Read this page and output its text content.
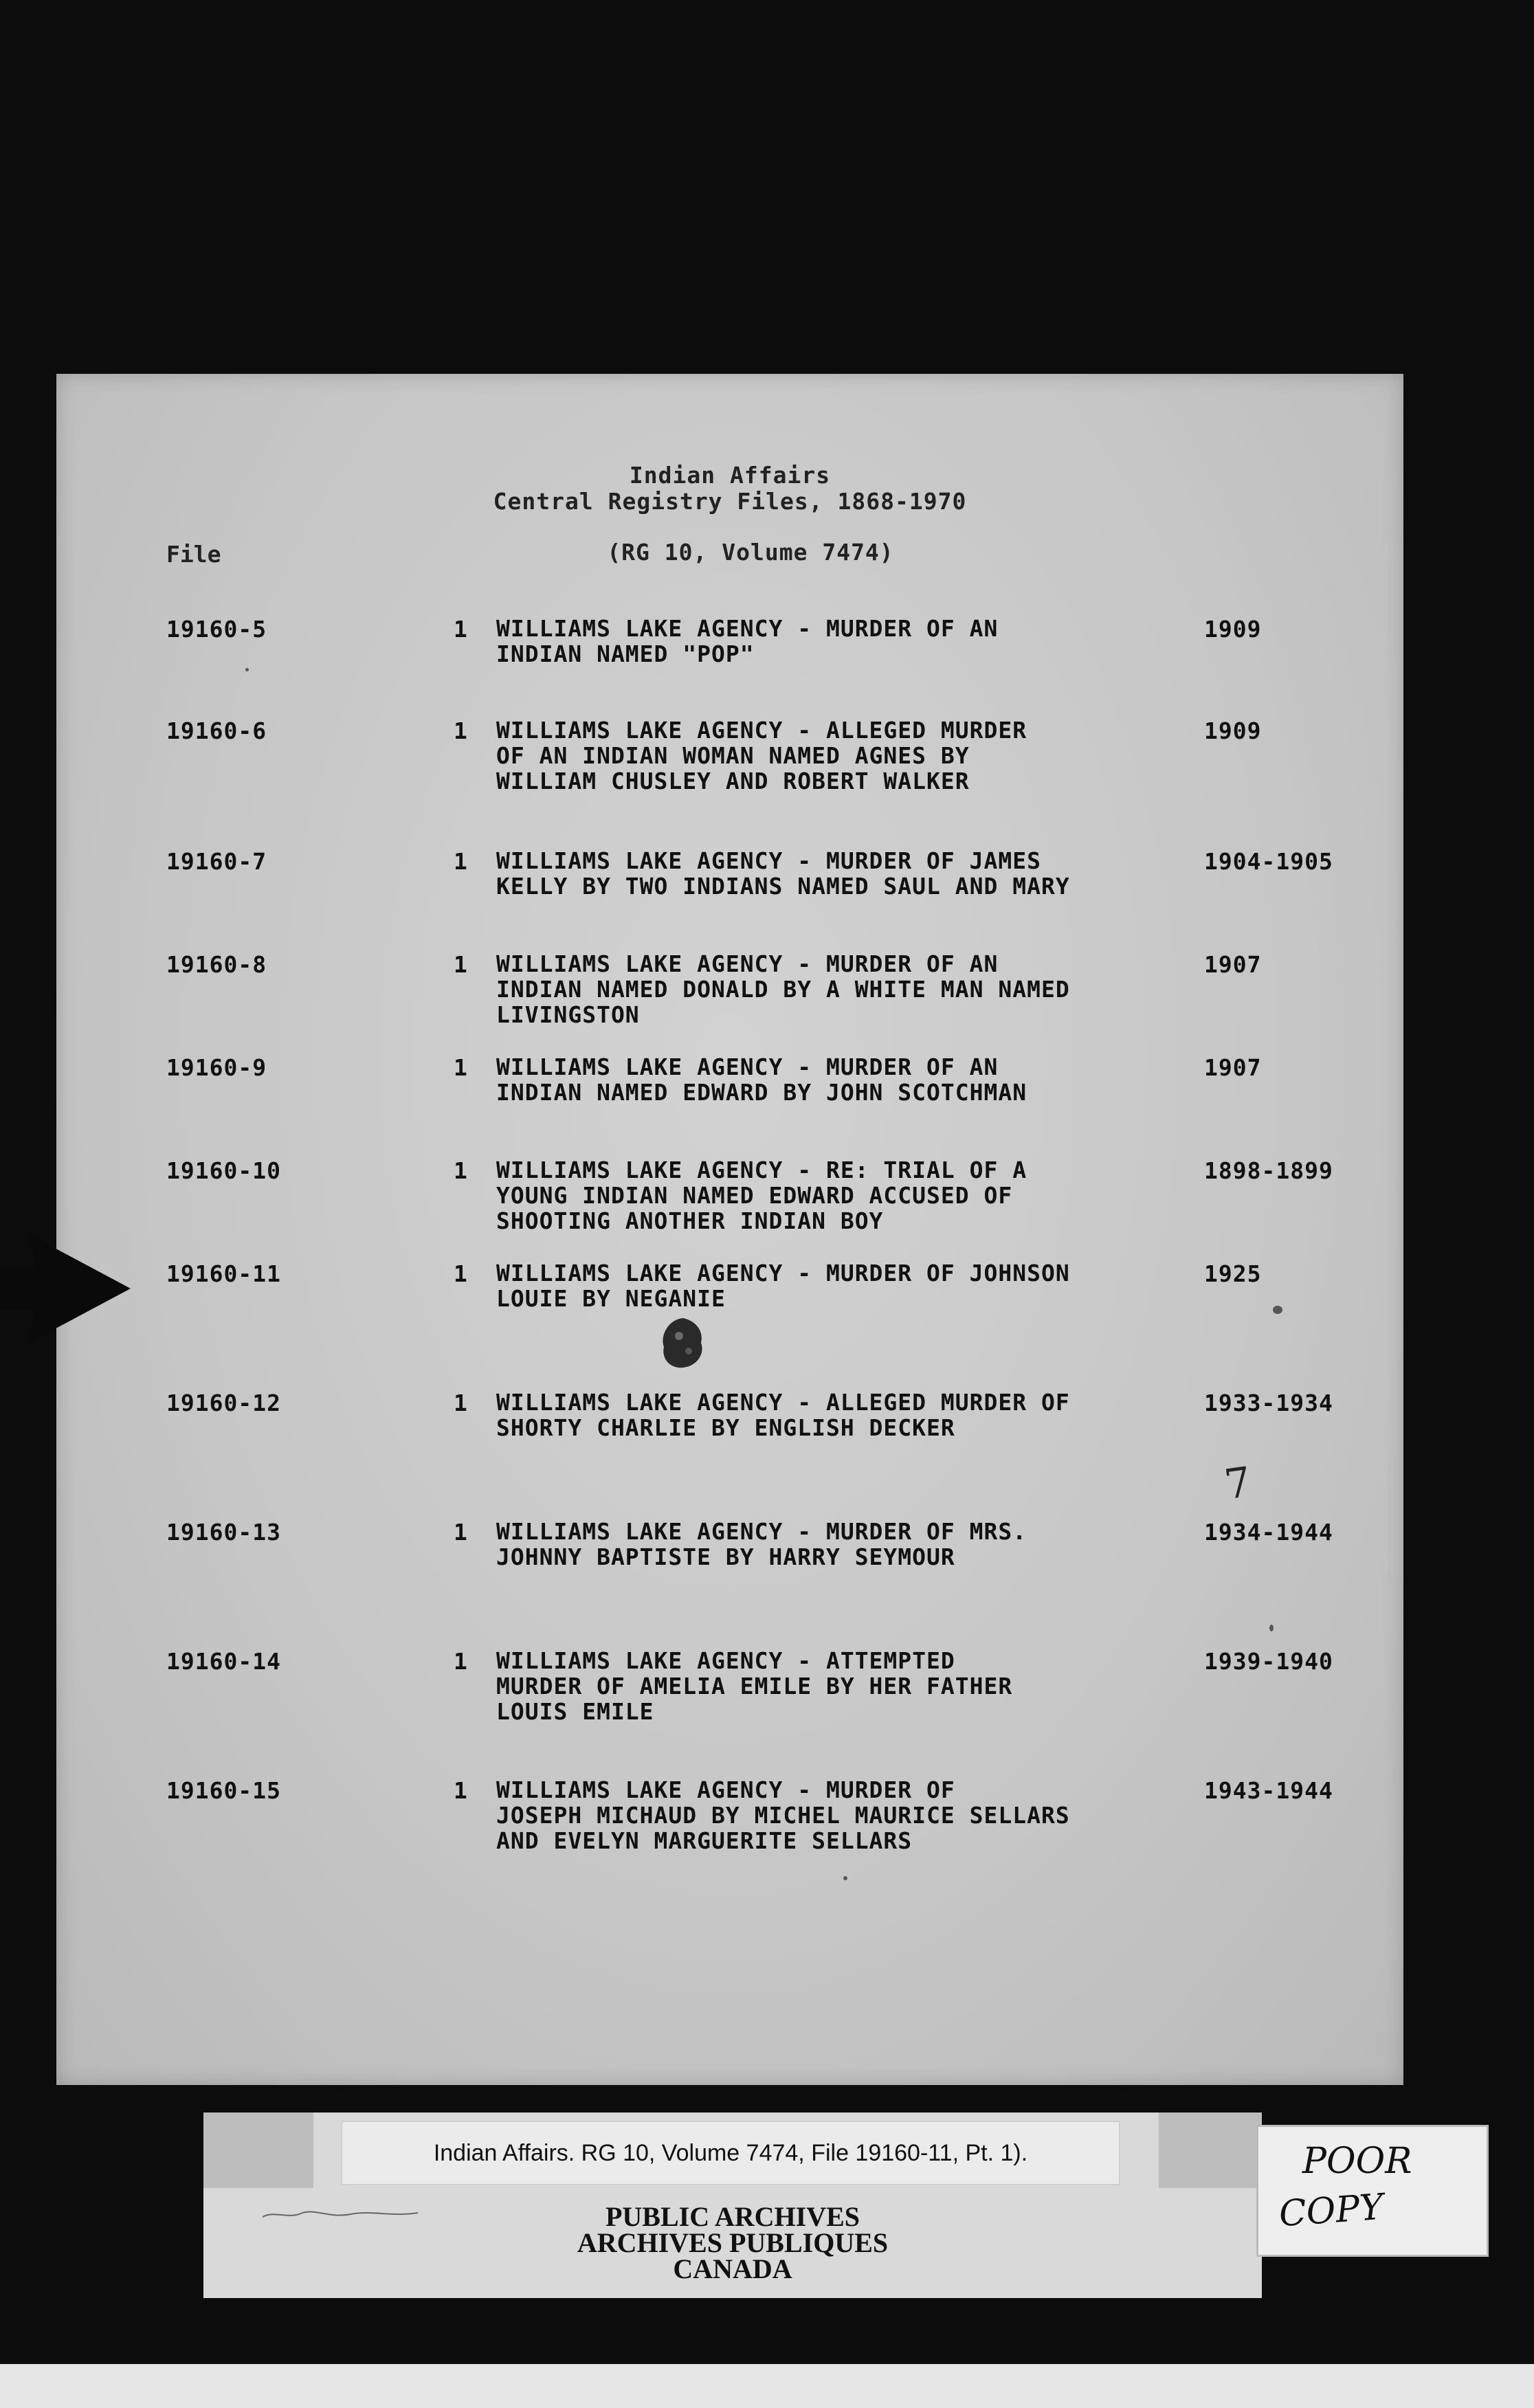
Indian Affairs
Central Registry Files, 1868-1970
(RG 10, Volume 7474)
File
19160-5	1 WILLIAMS LAKE AGENCY - MURDER OF AN
INDIAN NAMED "POP"
1909
19160-6	1 WILLIAMS LAKE AGENCY - ALLEGED MURDER
OF AN INDIAN WOMAN NAMED AGNES BY
WILLIAM CHUSLEY AND ROBERT WALKER
1909
19160-7	1 WILLIAMS LAKE AGENCY - MURDER OF JAMES
KELLY BY TWO INDIANS NAMED SAUL AND MARY
1904-1905
19160-8	1 WILLIAMS LAKE AGENCY - MURDER OF AN
INDIAN NAMED DONALD BY A WHITE MAN NAMED
LIVINGSTON
1907
19160-9	1 WILLIAMS LAKE AGENCY - MURDER OF AN
INDIAN NAMED EDWARD BY JOHN SCOTCHMAN
1907
19160-10	1 WILLIAMS LAKE AGENCY - RE: TRIAL OF A
YOUNG INDIAN NAMED EDWARD ACCUSED OF
SHOOTING ANOTHER INDIAN BOY
1898-1899
19160-11	1 WILLIAMS LAKE AGENCY - MURDER OF JOHNSON
LOUIE BY NEGANIE
1925
19160-12	1 WILLIAMS LAKE AGENCY - ALLEGED MURDER OF
SHORTY CHARLIE BY ENGLISH DECKER
1933-1934
19160-13	1 WILLIAMS LAKE AGENCY - MURDER OF MRS.
JOHNNY BAPTISTE BY HARRY SEYMOUR
1934-1944
19160-14	1 WILLIAMS LAKE AGENCY - ATTEMPTED
MURDER OF AMELIA EMILE BY HER FATHER
LOUIS EMILE
1939-1940
19160-15	1 WILLIAMS LAKE AGENCY - MURDER OF
JOSEPH MICHAUD BY MICHEL MAURICE SELLARS
AND EVELYN MARGUERITE SELLARS
1943-1944
7
Indian Affairs. RG 10, Volume 7474, File 19160-11, Pt. 1).
PUBLIC ARCHIVES
ARCHIVES PUBLIQUES
CANADA
POOR
COPY
